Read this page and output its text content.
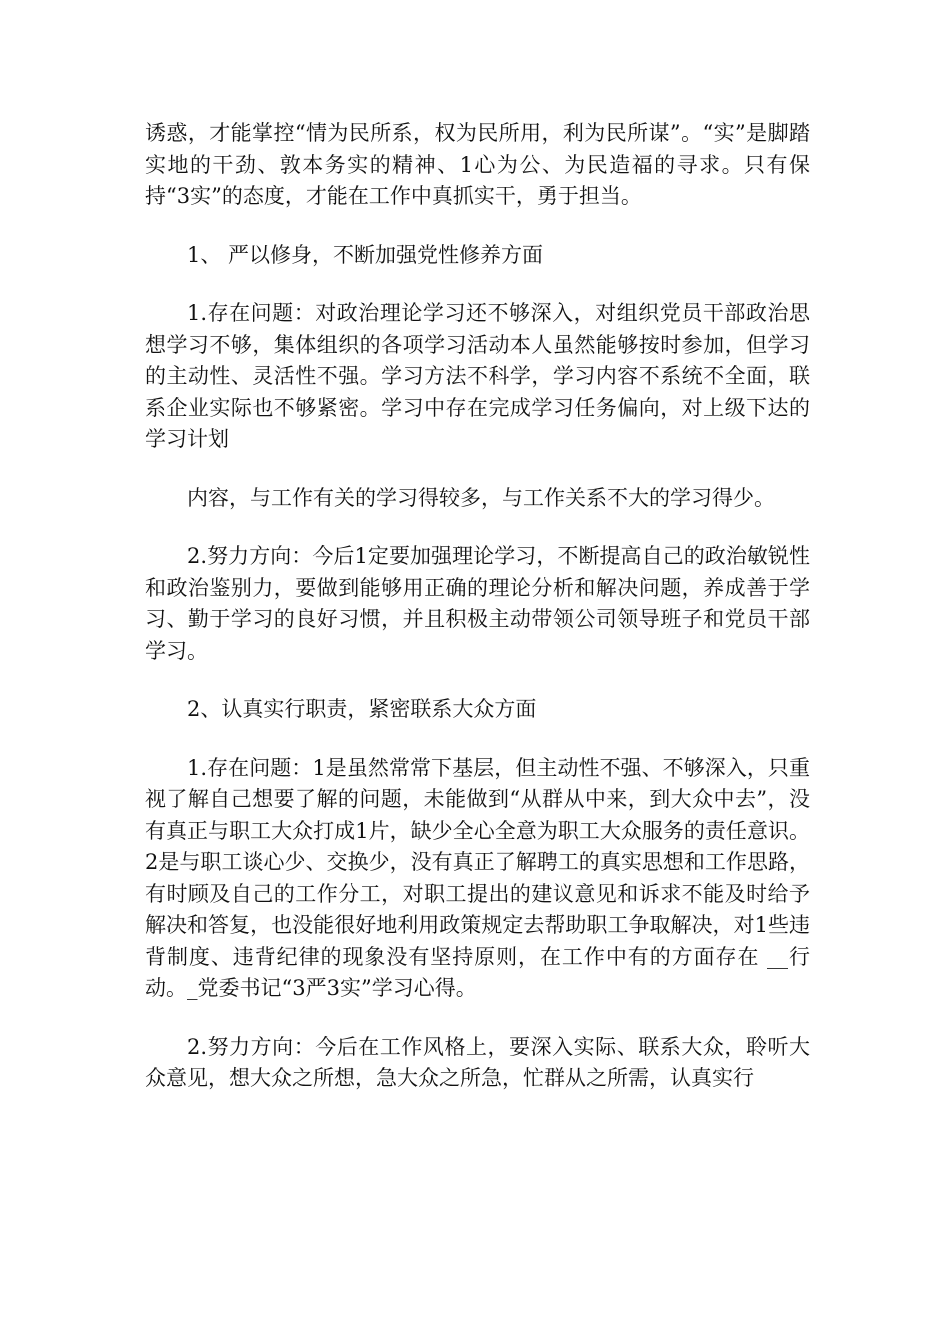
诱惑，才能掌控“情为民所系，权为民所用，利为民所谋”。“实”是脚踏实地的干劲、敦本务实的精神、1心为公、为民造福的寻求。只有保持“3实”的态度，才能在工作中真抓实干，勇于担当。

1、 严以修身，不断加强党性修养方面

1.存在问题：对政治理论学习还不够深入，对组织党员干部政治思想学习不够，集体组织的各项学习活动本人虽然能够按时参加，但学习的主动性、灵活性不强。学习方法不科学，学习内容不系统不全面，联系企业实际也不够紧密。学习中存在完成学习任务偏向，对上级下达的学习计划

内容，与工作有关的学习得较多，与工作关系不大的学习得少。

2.努力方向：今后1定要加强理论学习，不断提高自己的政治敏锐性和政治鉴别力，要做到能够用正确的理论分析和解决问题，养成善于学习、勤于学习的良好习惯，并且积极主动带领公司领导班子和党员干部学习。

2、认真实行职责，紧密联系大众方面

1.存在问题：1是虽然常常下基层，但主动性不强、不够深入，只重视了解自己想要了解的问题，未能做到“从群从中来，到大众中去”，没有真正与职工大众打成1片，缺少全心全意为职工大众服务的责任意识。2是与职工谈心少、交换少，没有真正了解聘工的真实思想和工作思路，有时顾及自己的工作分工，对职工提出的建议意见和诉求不能及时给予解决和答复，也没能很好地利用政策规定去帮助职工争取解决，对1些违背制度、违背纪律的现象没有坚持原则，在工作中有的方面存在 __行动。_党委书记“3严3实”学习心得。

2.努力方向：今后在工作风格上，要深入实际、联系大众，聆听大众意见，想大众之所想，急大众之所急，忙群从之所需，认真实行
